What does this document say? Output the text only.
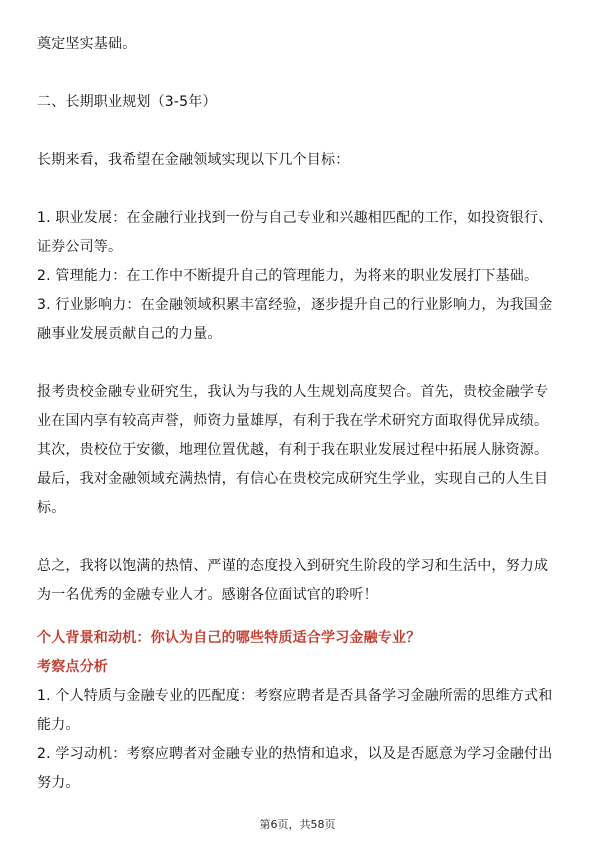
奠定坚实基础。
二、长期职业规划（3-5年）
长期来看，我希望在金融领域实现以下几个目标：
1. 职业发展：在金融行业找到一份与自己专业和兴趣相匹配的工作，如投资银行、
证券公司等。
2. 管理能力：在工作中不断提升自己的管理能力，为将来的职业发展打下基础。
3. 行业影响力：在金融领域积累丰富经验，逐步提升自己的行业影响力，为我国金
融事业发展贡献自己的力量。
报考贵校金融专业研究生，我认为与我的人生规划高度契合。首先，贵校金融学专
业在国内享有较高声誉，师资力量雄厚，有利于我在学术研究方面取得优异成绩。
其次，贵校位于安徽，地理位置优越，有利于我在职业发展过程中拓展人脉资源。
最后，我对金融领域充满热情，有信心在贵校完成研究生学业，实现自己的人生目
标。
总之，我将以饱满的热情、严谨的态度投入到研究生阶段的学习和生活中，努力成
为一名优秀的金融专业人才。感谢各位面试官的聆听！
个人背景和动机：你认为自己的哪些特质适合学习金融专业？
考察点分析
1. 个人特质与金融专业的匹配度：考察应聘者是否具备学习金融所需的思维方式和
能力。
2. 学习动机：考察应聘者对金融专业的热情和追求，以及是否愿意为学习金融付出
努力。
第6页，共58页
